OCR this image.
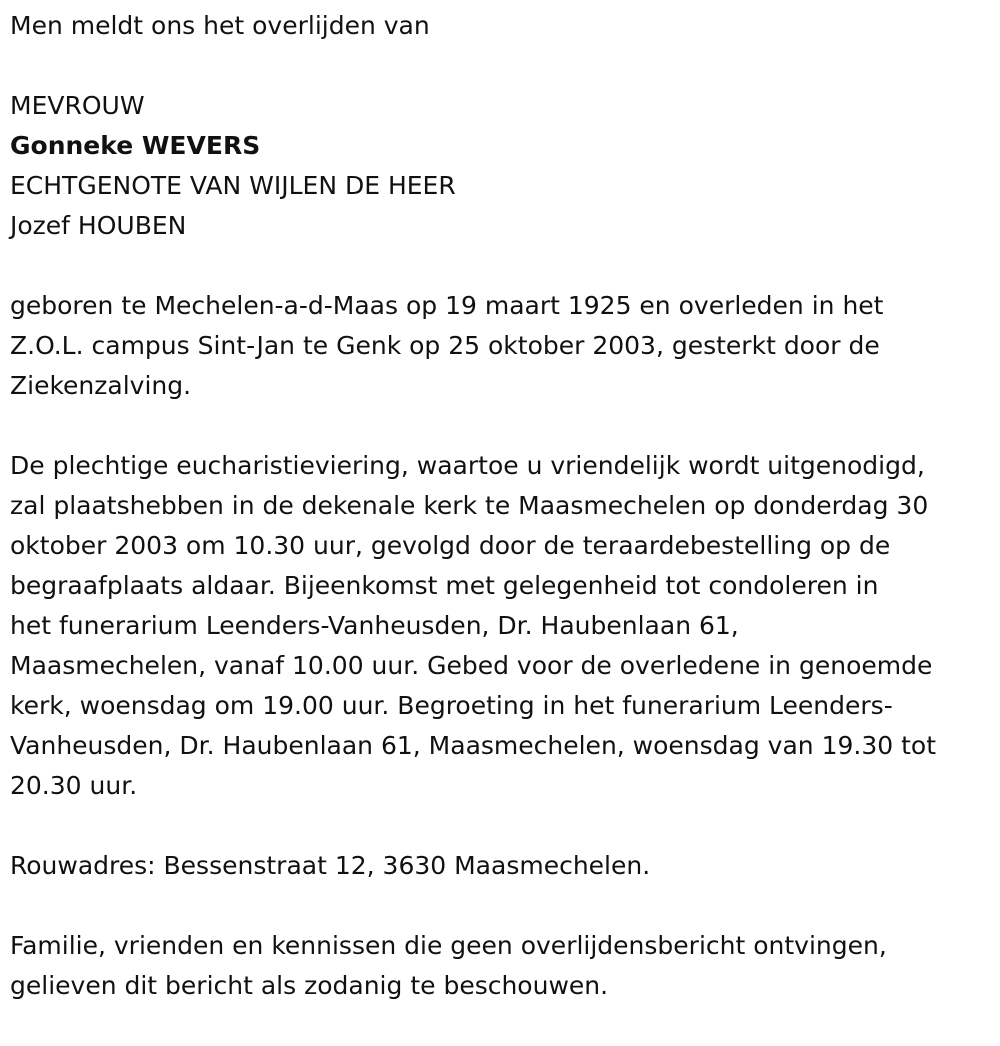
Men meldt ons het overlijden van
MEVROUW
Gonneke WEVERS
ECHTGENOTE VAN WIJLEN DE HEER
Jozef HOUBEN
geboren te Mechelen-a-d-Maas op 19 maart 1925 en overleden in het
Z.O.L. campus Sint-Jan te Genk op 25 oktober 2003, gesterkt door de
Ziekenzalving.
De plechtige eucharistieviering, waartoe u vriendelijk wordt uitgenodigd,
zal plaatshebben in de dekenale kerk te Maasmechelen op donderdag 30
oktober 2003 om 10.30 uur, gevolgd door de teraardebestelling op de
begraafplaats aldaar. Bijeenkomst met gelegenheid tot condoleren in
het funerarium Leenders-Vanheusden, Dr. Haubenlaan 61,
Maasmechelen, vanaf 10.00 uur. Gebed voor de overledene in genoemde
kerk, woensdag om 19.00 uur. Begroeting in het funerarium Leenders-
Vanheusden, Dr. Haubenlaan 61, Maasmechelen, woensdag van 19.30 tot
20.30 uur.
Rouwadres: Bessenstraat 12, 3630 Maasmechelen.
Familie, vrienden en kennissen die geen overlijdensbericht ontvingen,
gelieven dit bericht als zodanig te beschouwen.
